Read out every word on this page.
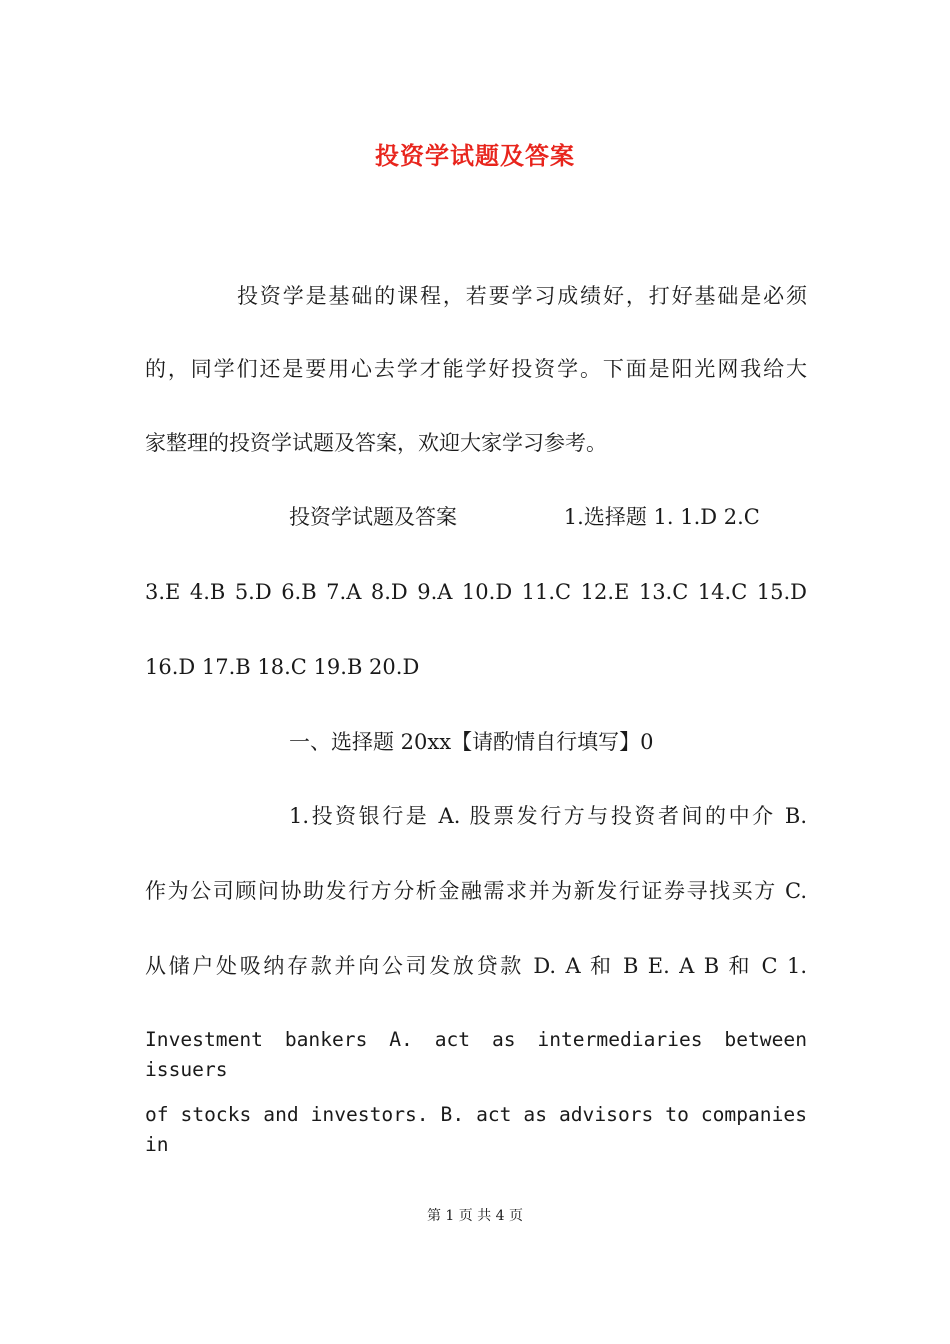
投资学试题及答案

投资学是基础的课程，若要学习成绩好，打好基础是必须

的，同学们还是要用心去学才能学好投资学。下面是阳光网我给大

家整理的投资学试题及答案，欢迎大家学习参考。

投资学试题及答案                1.选择题 1. 1.D 2.C

3.E 4.B 5.D 6.B 7.A 8.D 9.A 10.D 11.C 12.E 13.C 14.C 15.D

16.D 17.B 18.C 19.B 20.D

一、选择题 20xx【请酌情自行填写】0

1.投资银行是 A. 股票发行方与投资者间的中介 B.

作为公司顾问协助发行方分析金融需求并为新发行证券寻找买方 C.

从储户处吸纳存款并向公司发放贷款 D. A 和 B E. A B 和 C 1.

Investment bankers A. act as intermediaries between issuers

of stocks and investors. B. act as advisors to companies in

第 1 页 共 4 页
